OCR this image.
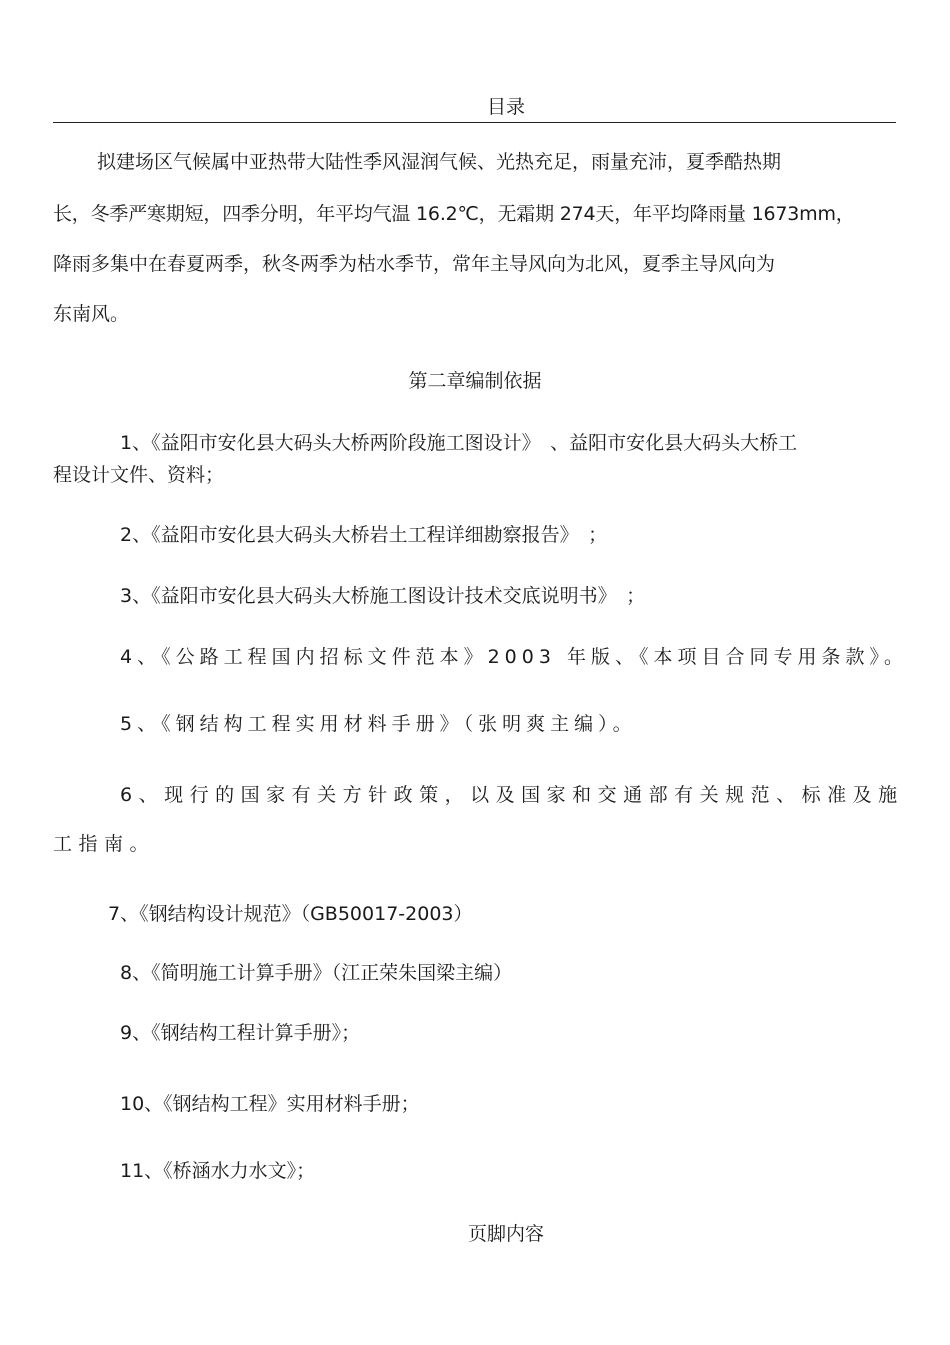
目录
拟建场区气候属中亚热带大陆性季风湿润气候、光热充足，雨量充沛，夏季酷热期
长，冬季严寒期短，四季分明，年平均气温 16.2℃，无霜期 274天，年平均降雨量 1673mm，
降雨多集中在春夏两季，秋冬两季为枯水季节，常年主导风向为北风，夏季主导风向为
东南风。
第二章编制依据
1、《益阳市安化县大码头大桥两阶段施工图设计》　、益阳市安化县大码头大桥工
程设计文件、资料；
2、《益阳市安化县大码头大桥岩土工程详细勘察报告》　；
3、《益阳市安化县大码头大桥施工图设计技术交底说明书》　；
4、《公路工程国内招标文件范本》2003 年版、《本项目合同专用条款》。
5、《钢结构工程实用材料手册》（张明爽主编）。
6、现行的国家有关方针政策，以及国家和交通部有关规范、标准及施
工指南。
7、《钢结构设计规范》（GB50017-2003）
8、《简明施工计算手册》（江正荣朱国梁主编）
9、《钢结构工程计算手册》；
10、《钢结构工程》实用材料手册；
11、《桥涵水力水文》；
页脚内容
